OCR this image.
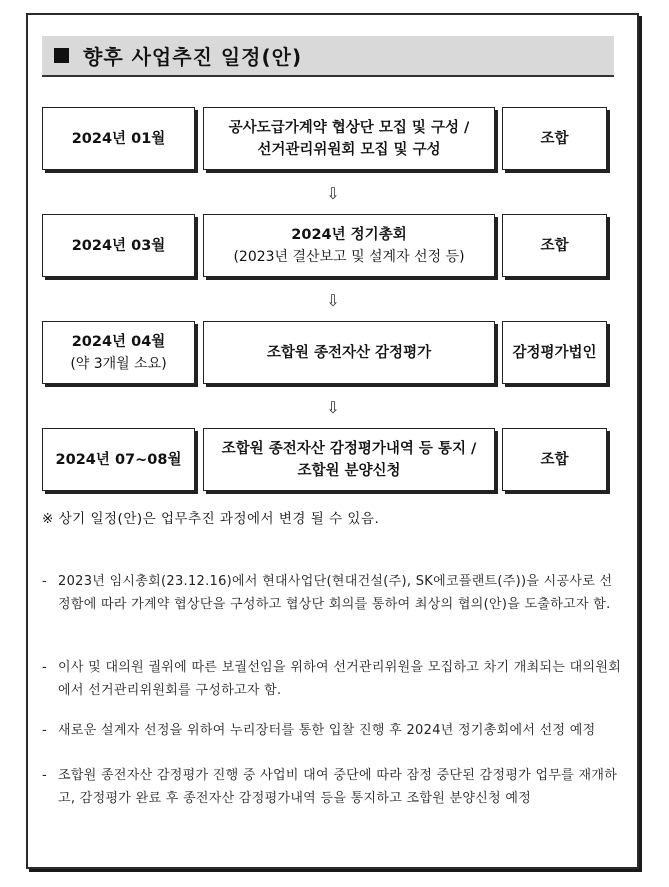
향후 사업추진 일정(안)
2024년 01월
공사도급가계약 협상단 모집 및 구성 /
선거관리위원회 모집 및 구성
조합
⇩
2024년 03월
2024년 정기총회
(2023년 결산보고 및 설계자 선정 등)
조합
⇩
2024년 04월
(약 3개월 소요)
조합원 종전자산 감정평가	감정평가법인
⇩
2024년 07~08월
조합원 종전자산 감정평가내역 등 통지 /
조합원 분양신청
조합
※ 상기 일정(안)은 업무추진 과정에서 변경 될 수 있음.
- 2023년 임시총회(23.12.16)에서 현대사업단(현대건설(주), SK에코플랜트(주))을 시공사로 선정함에 따라 가계약 협상단을 구성하고 협상단 회의를 통하여 최상의 협의(안)을 도출하고자 함.
- 이사 및 대의원 궐위에 따른 보궐선임을 위하여 선거관리위원을 모집하고 차기 개최되는 대의원회에서 선거관리위원회를 구성하고자 함.
- 새로운 설계자 선정을 위하여 누리장터를 통한 입찰 진행 후 2024년 정기총회에서 선정 예정
- 조합원 종전자산 감정평가 진행 중 사업비 대여 중단에 따라 잠정 중단된 감정평가 업무를 재개하고, 감정평가 완료 후 종전자산 감정평가내역 등을 통지하고 조합원 분양신청 예정
